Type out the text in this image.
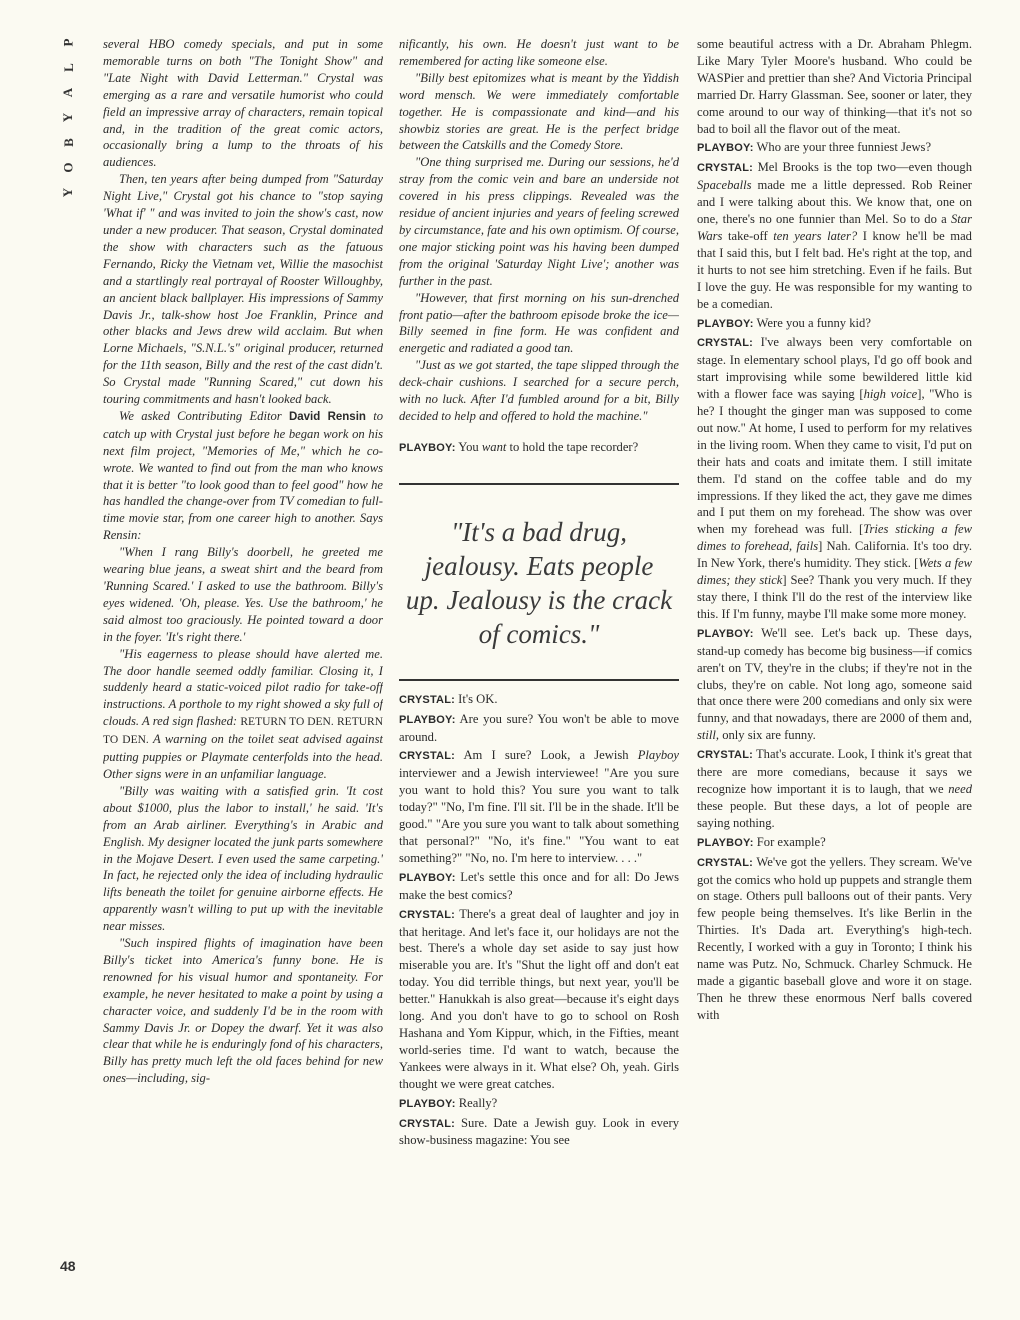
P
L
A
Y
B
O
Y
48

several HBO comedy specials, and put in some memorable turns on both "The Tonight Show" and "Late Night with David Letterman." Crystal was emerging as a rare and versatile humorist who could field an impressive array of characters, remain topical and, in the tradition of the great comic actors, occasionally bring a lump to the throats of his audiences.

Then, ten years after being dumped from "Saturday Night Live," Crystal got his chance to "stop saying 'What if' " and was invited to join the show's cast, now under a new producer. That season, Crystal dominated the show with characters such as the fatuous Fernando, Ricky the Vietnam vet, Willie the masochist and a startlingly real portrayal of Rooster Willoughby, an ancient black ballplayer. His impressions of Sammy Davis Jr., talk-show host Joe Franklin, Prince and other blacks and Jews drew wild acclaim. But when Lorne Michaels, "S.N.L.'s" original producer, returned for the 11th season, Billy and the rest of the cast didn't. So Crystal made "Running Scared," cut down his touring commitments and hasn't looked back.

We asked Contributing Editor David Rensin to catch up with Crystal just before he began work on his next film project, "Memories of Me," which he co-wrote. We wanted to find out from the man who knows that it is better "to look good than to feel good" how he has handled the change-over from TV comedian to full-time movie star, from one career high to another. Says Rensin:

"When I rang Billy's doorbell, he greeted me wearing blue jeans, a sweat shirt and the beard from 'Running Scared.' I asked to use the bathroom. Billy's eyes widened. 'Oh, please. Yes. Use the bathroom,' he said almost too graciously. He pointed toward a door in the foyer. 'It's right there.'

"His eagerness to please should have alerted me. The door handle seemed oddly familiar. Closing it, I suddenly heard a static-voiced pilot radio for take-off instructions. A porthole to my right showed a sky full of clouds. A red sign flashed: RETURN TO DEN. RETURN TO DEN. A warning on the toilet seat advised against putting puppies or Playmate centerfolds into the head. Other signs were in an unfamiliar language.

"Billy was waiting with a satisfied grin. 'It cost about $1000, plus the labor to install,' he said. 'It's from an Arab airliner. Everything's in Arabic and English. My designer located the junk parts somewhere in the Mojave Desert. I even used the same carpeting.' In fact, he rejected only the idea of including hydraulic lifts beneath the toilet for genuine airborne effects. He apparently wasn't willing to put up with the inevitable near misses.

"Such inspired flights of imagination have been Billy's ticket into America's funny bone. He is renowned for his visual humor and spontaneity. For example, he never hesitated to make a point by using a character voice, and suddenly I'd be in the room with Sammy Davis Jr. or Dopey the dwarf. Yet it was also clear that while he is enduringly fond of his characters, Billy has pretty much left the old faces behind for new ones—including, sig-

nificantly, his own. He doesn't just want to be remembered for acting like someone else.

"Billy best epitomizes what is meant by the Yiddish word mensch. We were immediately comfortable together. He is compassionate and kind—and his showbiz stories are great. He is the perfect bridge between the Catskills and the Comedy Store.

"One thing surprised me. During our sessions, he'd stray from the comic vein and bare an underside not covered in his press clippings. Revealed was the residue of ancient injuries and years of feeling screwed by circumstance, fate and his own optimism. Of course, one major sticking point was his having been dumped from the original 'Saturday Night Live'; another was further in the past.

"However, that first morning on his sun-drenched front patio—after the bathroom episode broke the ice—Billy seemed in fine form. He was confident and energetic and radiated a good tan.

"Just as we got started, the tape slipped through the deck-chair cushions. I searched for a secure perch, with no luck. After I'd fumbled around for a bit, Billy decided to help and offered to hold the machine."

PLAYBOY: You want to hold the tape recorder?

"It's a bad drug, jealousy. Eats people up. Jealousy is the crack of comics."

CRYSTAL: It's OK.

PLAYBOY: Are you sure? You won't be able to move around.

CRYSTAL: Am I sure? Look, a Jewish Playboy interviewer and a Jewish interviewee! "Are you sure you want to hold this? You sure you want to talk today?" "No, I'm fine. I'll sit. I'll be in the shade. It'll be good." "Are you sure you want to talk about something that personal?" "No, it's fine." "You want to eat something?" "No, no. I'm here to interview. . . ."

PLAYBOY: Let's settle this once and for all: Do Jews make the best comics?

CRYSTAL: There's a great deal of laughter and joy in that heritage. And let's face it, our holidays are not the best. There's a whole day set aside to say just how miserable you are. It's "Shut the light off and don't eat today. You did terrible things, but next year, you'll be better." Hanukkah is also great—because it's eight days long. And you don't have to go to school on Rosh Hashana and Yom Kippur, which, in the Fifties, meant world-series time. I'd want to watch, because the Yankees were always in it. What else? Oh, yeah. Girls thought we were great catches.

PLAYBOY: Really?

CRYSTAL: Sure. Date a Jewish guy. Look in every show-business magazine: You see

some beautiful actress with a Dr. Abraham Phlegm. Like Mary Tyler Moore's husband. Who could be WASPier and prettier than she? And Victoria Principal married Dr. Harry Glassman. See, sooner or later, they come around to our way of thinking—that it's not so bad to boil all the flavor out of the meat.

PLAYBOY: Who are your three funniest Jews?

CRYSTAL: Mel Brooks is the top two—even though Spaceballs made me a little depressed. Rob Reiner and I were talking about this. We know that, one on one, there's no one funnier than Mel. So to do a Star Wars take-off ten years later? I know he'll be mad that I said this, but I felt bad. He's right at the top, and it hurts to not see him stretching. Even if he fails. But I love the guy. He was responsible for my wanting to be a comedian.

PLAYBOY: Were you a funny kid?

CRYSTAL: I've always been very comfortable on stage. In elementary school plays, I'd go off book and start improvising while some bewildered little kid with a flower face was saying [high voice], "Who is he? I thought the ginger man was supposed to come out now." At home, I used to perform for my relatives in the living room. When they came to visit, I'd put on their hats and coats and imitate them. I still imitate them. I'd stand on the coffee table and do my impressions. If they liked the act, they gave me dimes and I put them on my forehead. The show was over when my forehead was full. [Tries sticking a few dimes to forehead, fails] Nah. California. It's too dry. In New York, there's humidity. They stick. [Wets a few dimes; they stick] See? Thank you very much. If they stay there, I think I'll do the rest of the interview like this. If I'm funny, maybe I'll make some more money.

PLAYBOY: We'll see. Let's back up. These days, stand-up comedy has become big business—if comics aren't on TV, they're in the clubs; if they're not in the clubs, they're on cable. Not long ago, someone said that once there were 200 comedians and only six were funny, and that nowadays, there are 2000 of them and, still, only six are funny.

CRYSTAL: That's accurate. Look, I think it's great that there are more comedians, because it says we recognize how important it is to laugh, that we need these people. But these days, a lot of people are saying nothing.

PLAYBOY: For example?

CRYSTAL: We've got the yellers. They scream. We've got the comics who hold up puppets and strangle them on stage. Others pull balloons out of their pants. Very few people being themselves. It's like Berlin in the Thirties. It's Dada art. Everything's high-tech. Recently, I worked with a guy in Toronto; I think his name was Putz. No, Schmuck. Charley Schmuck. He made a gigantic baseball glove and wore it on stage. Then he threw these enormous Nerf balls covered with
